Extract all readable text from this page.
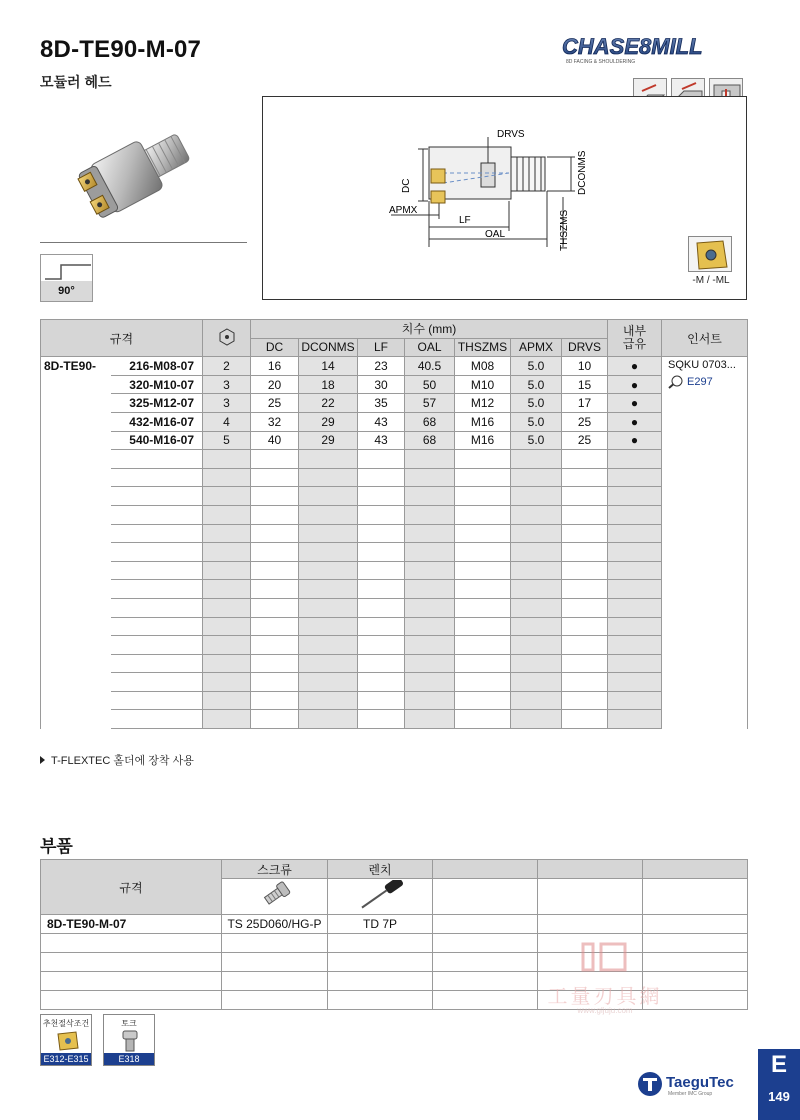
8D-TE90-M-07
모듈러 헤드
CHASE8MILL
8D FACING & SHOULDERING
90°
DRVS
DC	DCONMS
APMX
LF
OAL	THSZMS
-M / -ML
규격			치수 (mm)							내부
급유	인서트
			DC	DCONMS	LF	OAL	THSZMS	APMX	DRVS		
8D-TE90-	216-M08-07	2	16	14	23	40.5	M08	5.0	10	●	SQKU 0703...
E297

	320-M10-07	3	20	18	30	50	M10	5.0	15	●	
	325-M12-07	3	25	22	35	57	M12	5.0	17	●	
	432-M16-07	4	32	29	43	68	M16	5.0	25	●	
	540-M16-07	5	40	29	43	68	M16	5.0	25	●	

T-FLEXTEC 홀더에 장착 사용
부품
규격	스크류	렌치			

8D-TE90-M-07	TS 25D060/HG-P	TD 7P			

工量刃具網
www.gljuju.com
추천절삭조건
E312-E315
토크
E318
TaeguTec
Member IMC Group
E
149
